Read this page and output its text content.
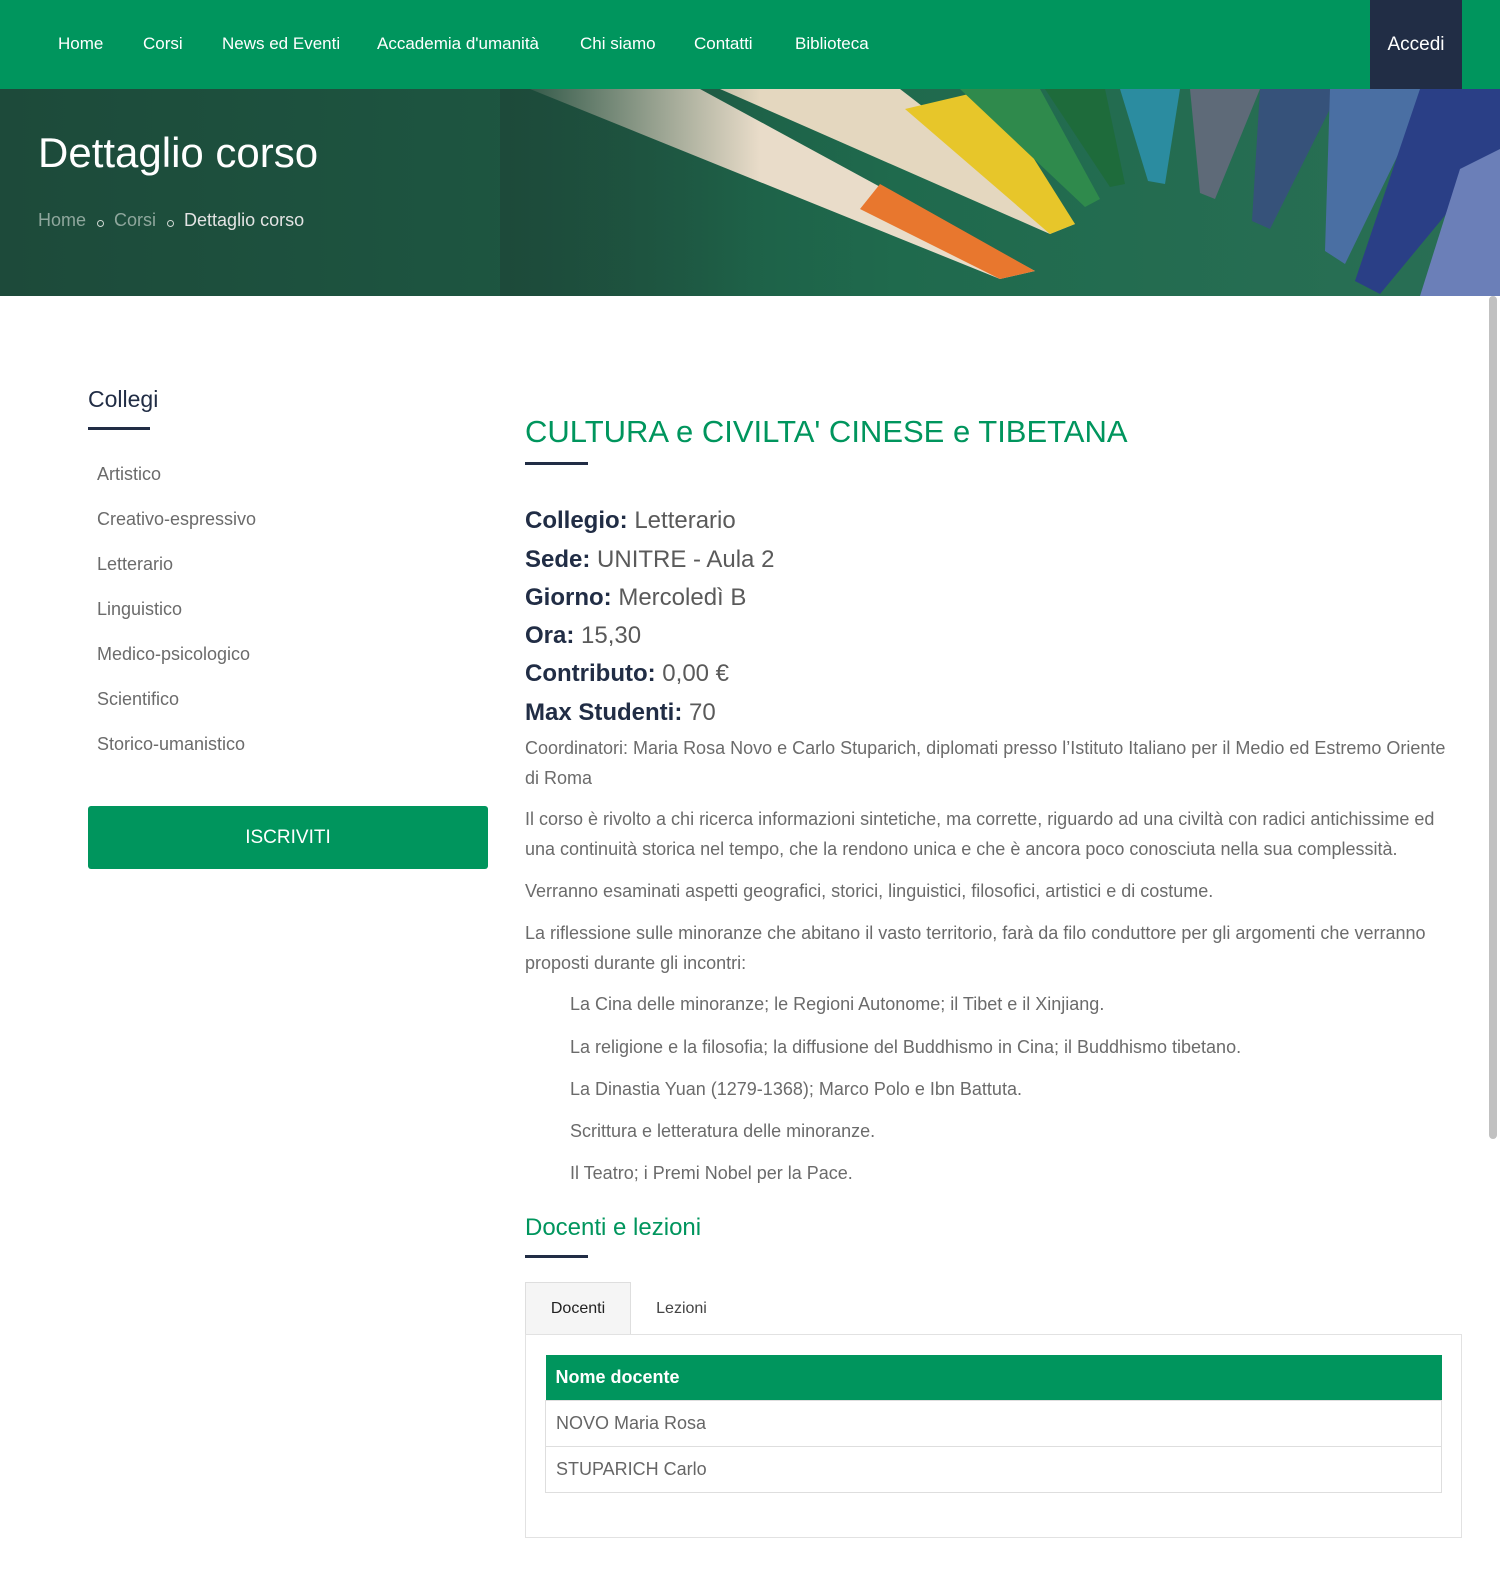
Home Corsi News ed Eventi Accademia d'umanità Chi siamo Contatti Biblioteca	Accedi
Dettaglio corso
Home Corsi Dettaglio corso
Collegi
Artistico
Creativo-espressivo
Letterario
Linguistico
Medico-psicologico
Scientifico
Storico-umanistico
ISCRIVITI
CULTURA e CIVILTA' CINESE e TIBETANA
Collegio: Letterario
Sede: UNITRE - Aula 2
Giorno: Mercoledì B
Ora: 15,30
Contributo: 0,00 €
Max Studenti: 70

Coordinatori: Maria Rosa Novo e Carlo Stuparich, diplomati presso l’Istituto Italiano per il Medio ed Estremo Oriente di Roma

Il corso è rivolto a chi ricerca informazioni sintetiche, ma corrette, riguardo ad una civiltà con radici antichissime ed una continuità storica nel tempo, che la rendono unica e che è ancora poco conosciuta nella sua complessità.

Verranno esaminati aspetti geografici, storici, linguistici, filosofici, artistici e di costume.

La riflessione sulle minoranze che abitano il vasto territorio, farà da filo conduttore per gli argomenti che verranno proposti durante gli incontri:

La Cina delle minoranze; le Regioni Autonome; il Tibet e il Xinjiang.
La religione e la filosofia; la diffusione del Buddhismo in Cina; il Buddhismo tibetano.
La Dinastia Yuan (1279-1368); Marco Polo e Ibn Battuta.
Scrittura e letteratura delle minoranze.
Il Teatro; i Premi Nobel per la Pace.
Docenti e lezioni
Docenti	Lezioni
Nome docente
NOVO Maria Rosa
STUPARICH Carlo
